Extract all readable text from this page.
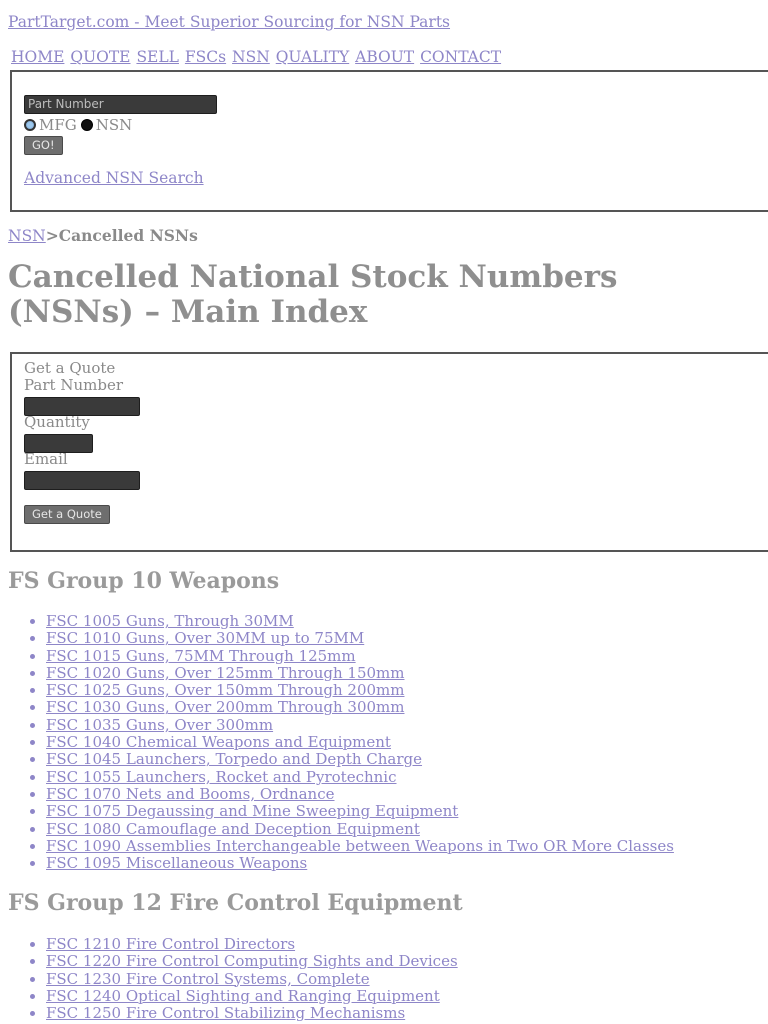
PartTarget.com - Meet Superior Sourcing for NSN Parts
HOME QUOTE SELL FSCs NSN QUALITY ABOUT CONTACT
Part Number
MFG NSN
GO!
Advanced NSN Search
NSN>Cancelled NSNs
Cancelled National Stock Numbers (NSNs) – Main Index
Get a Quote
Part Number
Quantity
Email
Get a Quote
FS Group 10 Weapons
• FSC 1005 Guns, Through 30MM
• FSC 1010 Guns, Over 30MM up to 75MM
• FSC 1015 Guns, 75MM Through 125mm
• FSC 1020 Guns, Over 125mm Through 150mm
• FSC 1025 Guns, Over 150mm Through 200mm
• FSC 1030 Guns, Over 200mm Through 300mm
• FSC 1035 Guns, Over 300mm
• FSC 1040 Chemical Weapons and Equipment
• FSC 1045 Launchers, Torpedo and Depth Charge
• FSC 1055 Launchers, Rocket and Pyrotechnic
• FSC 1070 Nets and Booms, Ordnance
• FSC 1075 Degaussing and Mine Sweeping Equipment
• FSC 1080 Camouflage and Deception Equipment
• FSC 1090 Assemblies Interchangeable between Weapons in Two OR More Classes
• FSC 1095 Miscellaneous Weapons
FS Group 12 Fire Control Equipment
• FSC 1210 Fire Control Directors
• FSC 1220 Fire Control Computing Sights and Devices
• FSC 1230 Fire Control Systems, Complete
• FSC 1240 Optical Sighting and Ranging Equipment
• FSC 1250 Fire Control Stabilizing Mechanisms
